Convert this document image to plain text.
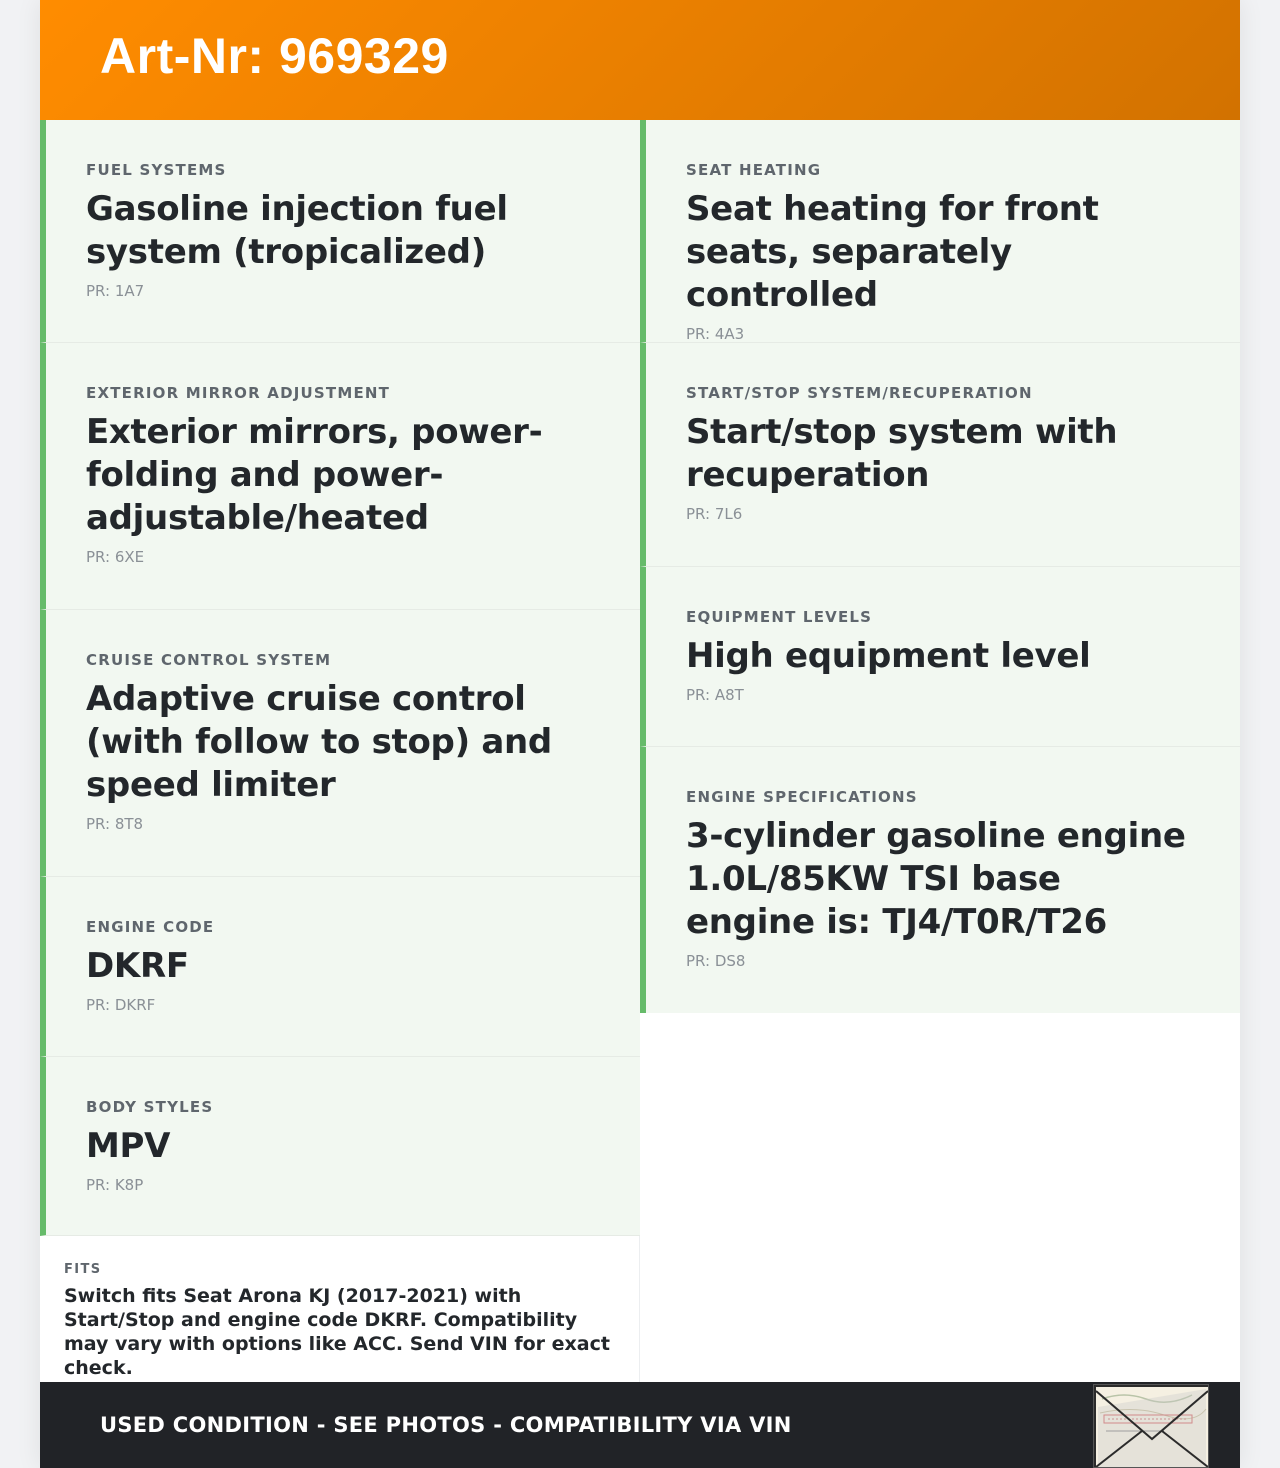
Art-Nr: 969329
FUEL SYSTEMS
Gasoline injection fuel system (tropicalized)
PR: 1A7
EXTERIOR MIRROR ADJUSTMENT
Exterior mirrors, power-folding and power-adjustable/heated
PR: 6XE
CRUISE CONTROL SYSTEM
Adaptive cruise control (with follow to stop) and speed limiter
PR: 8T8
ENGINE CODE
DKRF
PR: DKRF
BODY STYLES
MPV
PR: K8P
SEAT HEATING
Seat heating for front seats, separately controlled
PR: 4A3
START/STOP SYSTEM/RECUPERATION
Start/stop system with recuperation
PR: 7L6
EQUIPMENT LEVELS
High equipment level
PR: A8T
ENGINE SPECIFICATIONS
3-cylinder gasoline engine 1.0L/85KW TSI base engine is: TJ4/T0R/T26
PR: DS8
FITS
Switch fits Seat Arona KJ (2017-2021) with Start/Stop and engine code DKRF. Compatibility may vary with options like ACC. Send VIN for exact check.
USED CONDITION - SEE PHOTOS - COMPATIBILITY VIA VIN
